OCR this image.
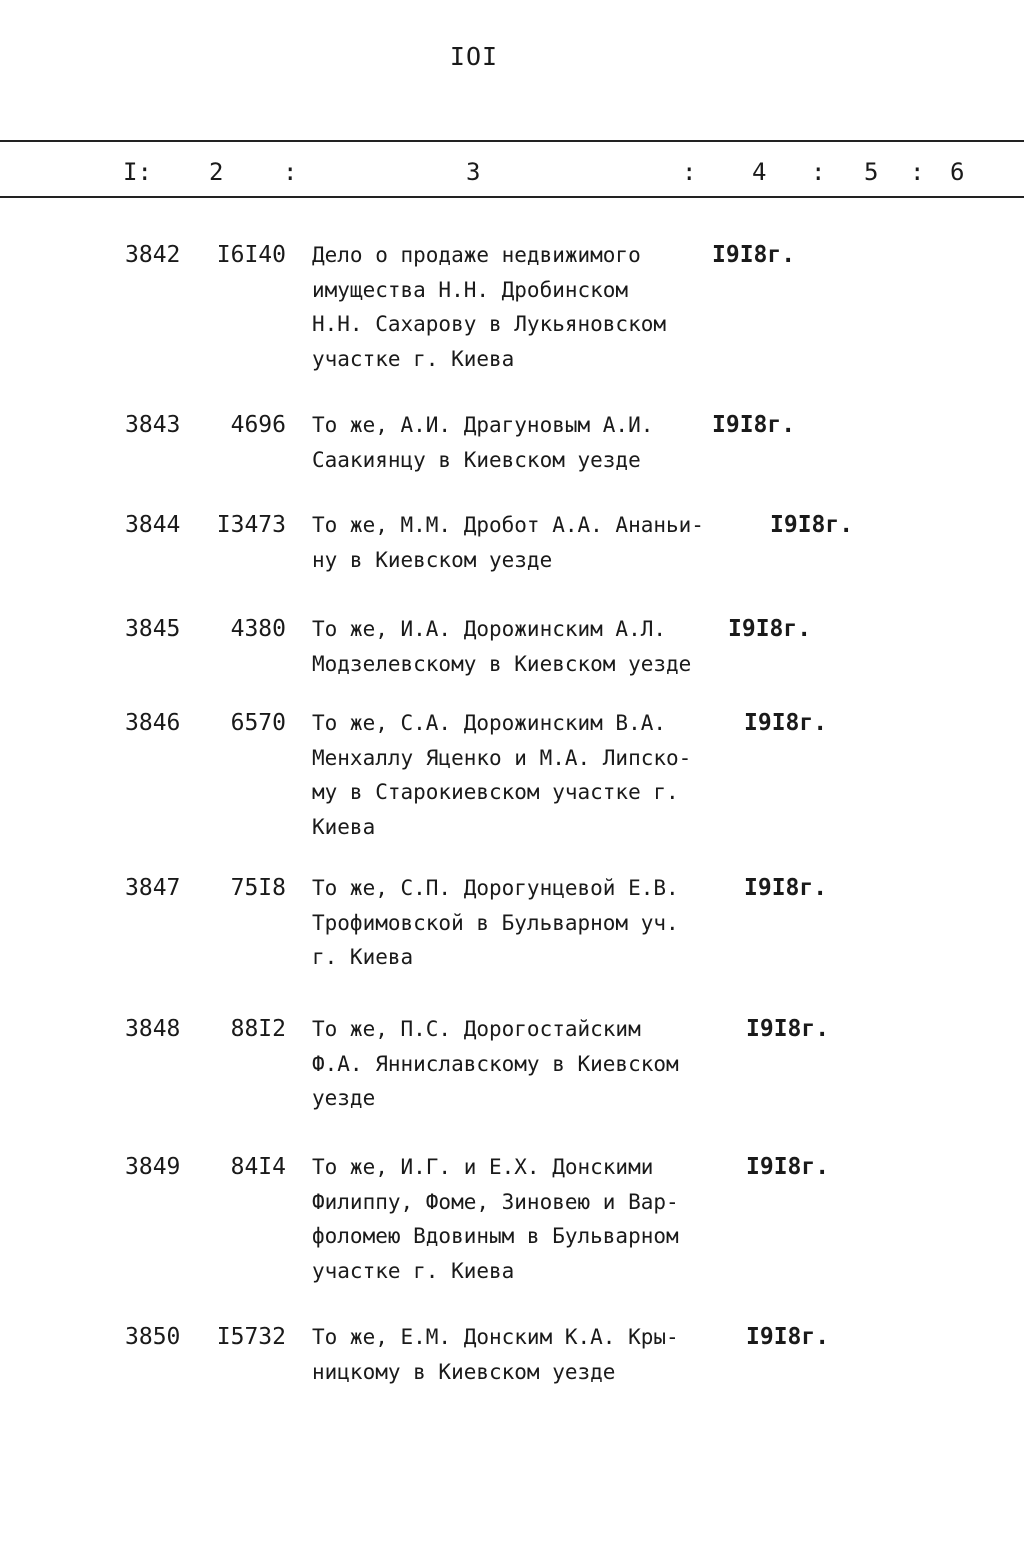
IOI
I: 2 :	3	: 4 : 5 : 6
3842 I6I40 Дело о продаже недвижимого
имущества Н.Н. Дробинском
Н.Н. Сахарову в Лукьяновском
участке г. Киева
I9I8г.
3843 4696 То же, А.И. Драгуновым А.И.
Саакиянцу в Киевском уезде
I9I8г.
3844 I3473 То же, М.М. Дробот А.А. Ананьи-
ну в Киевском уезде
I9I8г.
3845 4380 То же, И.А. Дорожинским А.Л.
Модзелевскому в Киевском уезде
I9I8г.
3846 6570 То же, С.А. Дорожинским В.А.
Менхаллу Яценко и М.А. Липско-
му в Старокиевском участке г.
Киева
I9I8г.
3847 75I8 То же, С.П. Дорогунцевой Е.В.
Трофимовской в Бульварном уч.
г. Киева
I9I8г.
3848 88I2 То же, П.С. Дорогостайским
Ф.А. Янниславскому в Киевском
уезде
I9I8г.
3849 84I4 То же, И.Г. и Е.Х. Донскими
Филиппу, Фоме, Зиновею и Вар-
фоломею Вдовиным в Бульварном
участке г. Киева
I9I8г.
3850 I5732 То же, Е.М. Донским К.А. Кры-
ницкому в Киевском уезде
I9I8г.
